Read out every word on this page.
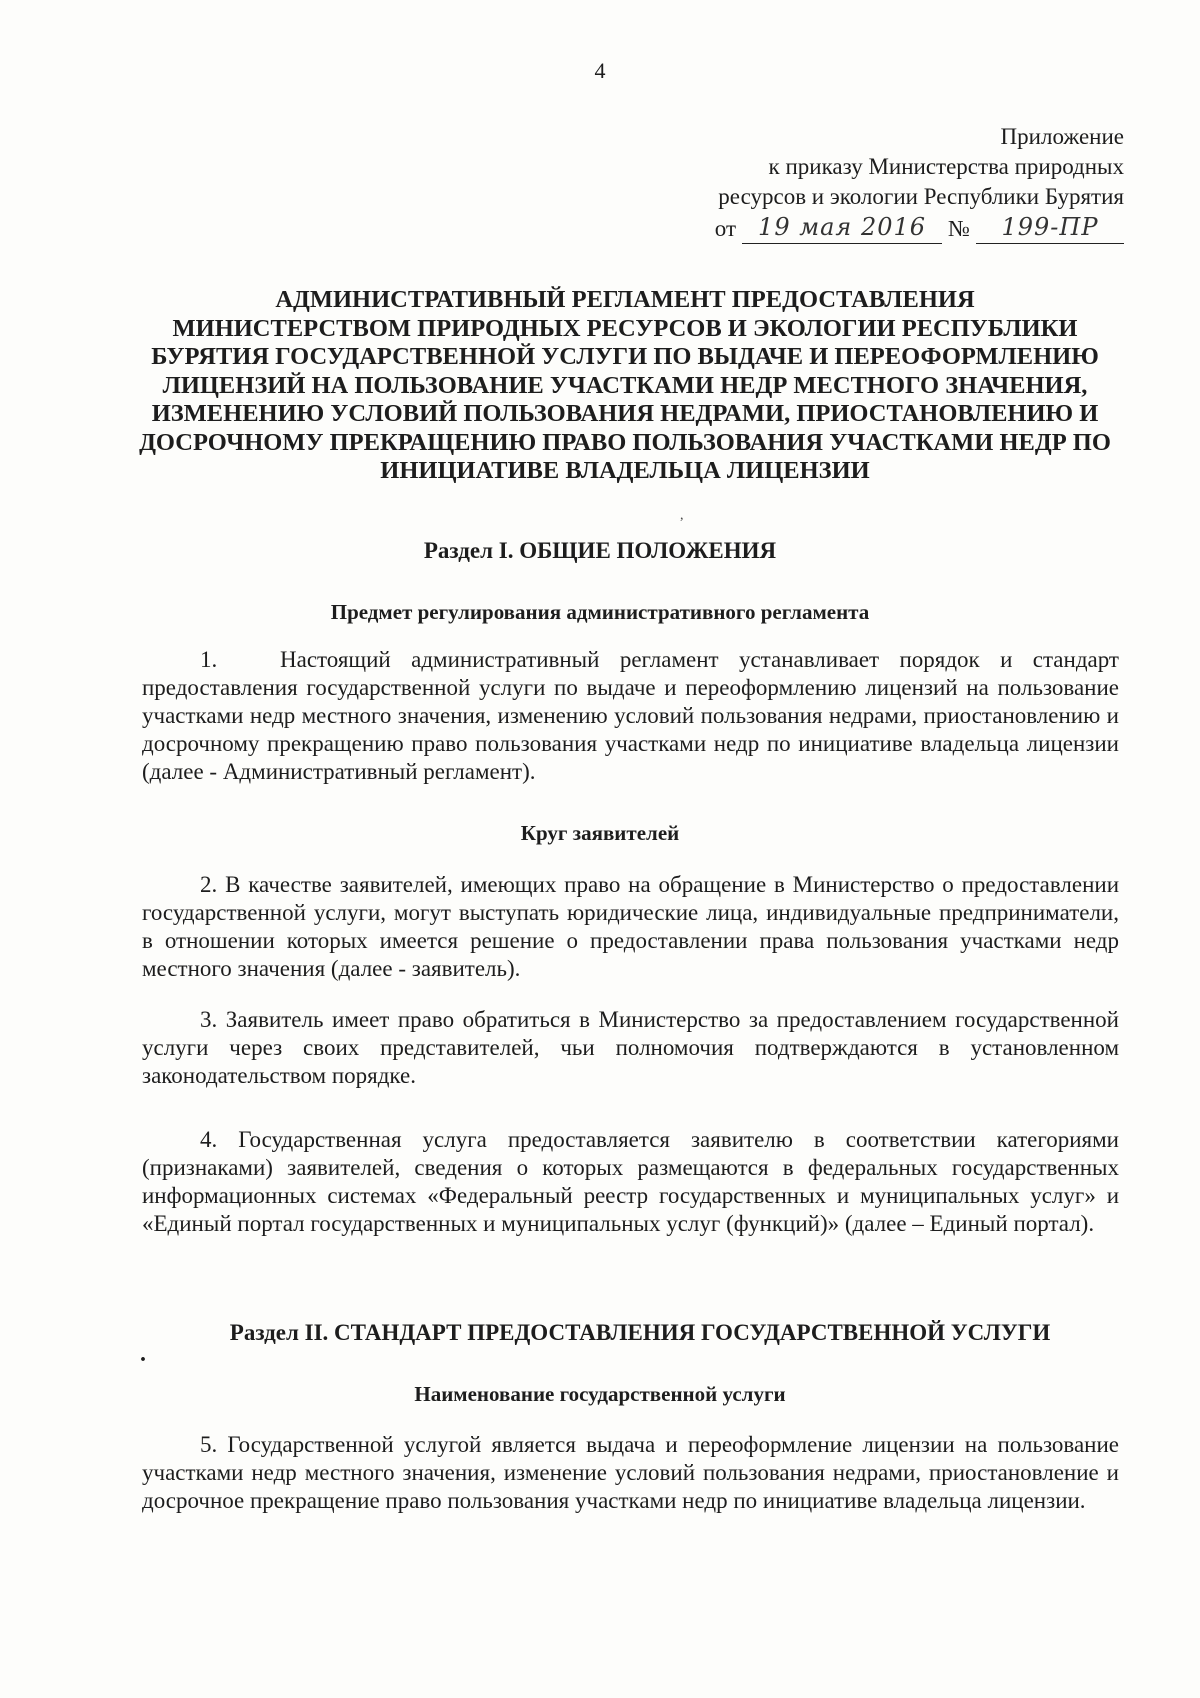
4
Приложение
к приказу Министерства природных
ресурсов и экологии Республики Бурятия
от 19 мая 2016 №	199-ПР
АДМИНИСТРАТИВНЫЙ РЕГЛАМЕНТ ПРЕДОСТАВЛЕНИЯ
МИНИСТЕРСТВОМ ПРИРОДНЫХ РЕСУРСОВ И ЭКОЛОГИИ РЕСПУБЛИКИ
БУРЯТИЯ ГОСУДАРСТВЕННОЙ УСЛУГИ ПО ВЫДАЧЕ И ПЕРЕОФОРМЛЕНИЮ
ЛИЦЕНЗИЙ НА ПОЛЬЗОВАНИЕ УЧАСТКАМИ НЕДР МЕСТНОГО ЗНАЧЕНИЯ,
ИЗМЕНЕНИЮ УСЛОВИЙ ПОЛЬЗОВАНИЯ НЕДРАМИ, ПРИОСТАНОВЛЕНИЮ И
ДОСРОЧНОМУ ПРЕКРАЩЕНИЮ ПРАВО ПОЛЬЗОВАНИЯ УЧАСТКАМИ НЕДР ПО
ИНИЦИАТИВЕ ВЛАДЕЛЬЦА ЛИЦЕНЗИИ
,
Раздел I. ОБЩИЕ ПОЛОЖЕНИЯ
Предмет регулирования административного регламента
1.	Настоящий административный регламент устанавливает порядок и стандарт предоставления государственной услуги по выдаче и переоформлению лицензий на пользование участками недр местного значения, изменению условий пользования недрами, приостановлению и досрочному прекращению право пользования участками недр по инициативе владельца лицензии (далее - Административный регламент).
Круг заявителей
2. В качестве заявителей, имеющих право на обращение в Министерство о предоставлении государственной услуги, могут выступать юридические лица, индивидуальные предприниматели, в отношении которых имеется решение о предоставлении права пользования участками недр местного значения (далее - заявитель).
3. Заявитель имеет право обратиться в Министерство за предоставлением государственной услуги через своих представителей, чьи полномочия подтверждаются в установленном законодательством порядке.
4. Государственная услуга предоставляется заявителю в соответствии категориями (признаками) заявителей, сведения о которых размещаются в федеральных государственных информационных системах «Федеральный реестр государственных и муниципальных услуг» и «Единый портал государственных и муниципальных услуг (функций)» (далее – Единый портал).
.
Раздел II. СТАНДАРТ ПРЕДОСТАВЛЕНИЯ ГОСУДАРСТВЕННОЙ УСЛУГИ
Наименование государственной услуги
5. Государственной услугой является выдача и переоформление лицензии на пользование участками недр местного значения, изменение условий пользования недрами, приостановление и досрочное прекращение право пользования участками недр по инициативе владельца лицензии.
